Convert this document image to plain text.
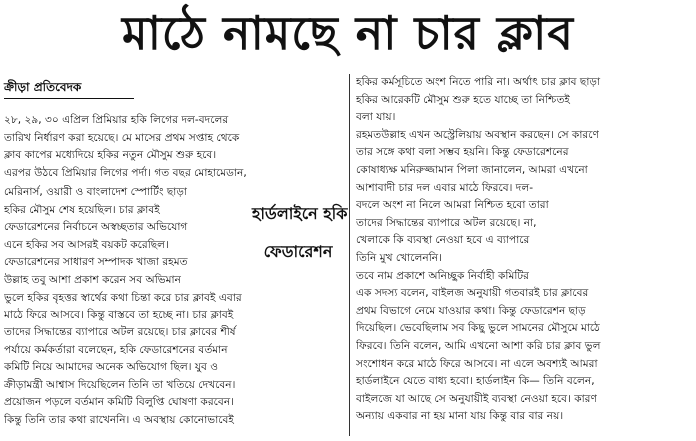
মাঠে নামছে না চার ক্লাব
ক্রীড়া প্রতিবেদক
২৮, ২৯, ৩০ এপ্রিল প্রিমিয়ার হকি লিগের দল-বদলের
তারিখ নির্ধারণ করা হয়েছে। মে মাসের প্রথম সপ্তাহ থেকে
ক্লাব কাপের মধ্যেদিয়ে হকির নতুন মৌসুম শুরু হবে।
এরপর উঠবে প্রিমিয়ার লিগের পর্দা। গত বছর মোহামেডান,
মেরিনার্স, ওয়ারী ও বাংলাদেশ স্পোর্টিং ছাড়া
হকির মৌসুম শেষ হয়েছিল। চার ক্লাবই
ফেডারেশনের নির্বাচনে অস্বচ্ছতার অভিযোগ
এনে হকির সব আসরই বয়কট করেছিল।
ফেডারেশনের সাধারণ সম্পাদক খাজা রহমত
উল্লাহ তবু আশা প্রকাশ করেন সব অভিমান
ভুলে হকির বৃহত্তর স্বার্থের কথা চিন্তা করে চার ক্লাবই এবার
মাঠে ফিরে আসবে। কিন্তু বাস্তবে তা হচ্ছে না। চার ক্লাবই
তাদের সিদ্ধান্তের ব্যাপারে অটল রয়েছে। চার ক্লাবের শীর্ষ
পর্যায়ে কর্মকর্তারা বলেছেন, হকি ফেডারেশনের বর্তমান
কমিটি নিয়ে আমাদের অনেক অভিযোগ ছিল। যুব ও
ক্রীড়ামন্ত্রী আশ্বাস দিয়েছিলেন তিনি তা খতিয়ে দেখবেন।
প্রয়োজন পড়লে বর্তমান কমিটি বিলুপ্তি ঘোষণা করবেন।
কিন্তু তিনি তার কথা রাখেননি। এ অবস্থায় কোনোভাবেই
হার্ডলাইনে হকি
ফেডারেশন
হকির কর্মসূচিতে অংশ নিতে পারি না। অর্থাৎ চার ক্লাব ছাড়া
হকির আরেকটি মৌসুম শুরু হতে যাচ্ছে তা নিশ্চিতই
বলা যায়।
রহমতউল্লাহ এখন অস্ট্রেলিয়ায় অবস্থান করছেন। সে কারণে
তার সঙ্গে কথা বলা সম্ভব হয়নি। কিন্তু ফেডারেশনের
কোষাধ্যক্ষ মনিরুজ্জামান পিলা জানালেন, আমরা এখনো
আশাবাদী চার দল এবার মাঠে ফিরবে। দল-
বদলে অংশ না নিলে আমরা নিশ্চিত হবো তারা
তাদের সিদ্ধান্তের ব্যাপারে অটল রয়েছে। না,
খেলাকে কি ব্যবস্থা নেওয়া হবে এ ব্যাপারে
তিনি মুখ খোলেননি।
তবে নাম প্রকাশে অনিচ্ছুক নির্বাহী কমিটির
এক সদস্য বলেন, বাইলজ অনুযায়ী গতবারই চার ক্লাবের
প্রথম বিভাগে নেমে যাওয়ার কথা। কিন্তু ফেডারেশন ছাড়
দিয়েছিল। ভেবেছিলাম সব কিছু ভুলে সামনের মৌসুমে মাঠে
ফিরবে। তিনি বলেন, আমি এখনো আশা করি চার ক্লাব ভুল
সংশোধন করে মাঠে ফিরে আসবে। না এলে অবশ্যই আমরা
হার্ডলাইনে যেতে বাধ্য হবো। হার্ডলাইন কি— তিনি বলেন,
বাইলজে যা আছে সে অনুযায়ীই ব্যবস্থা নেওয়া হবে। কারণ
অন্যায় একবার না হয় মানা যায় কিন্তু বার বার নয়।
